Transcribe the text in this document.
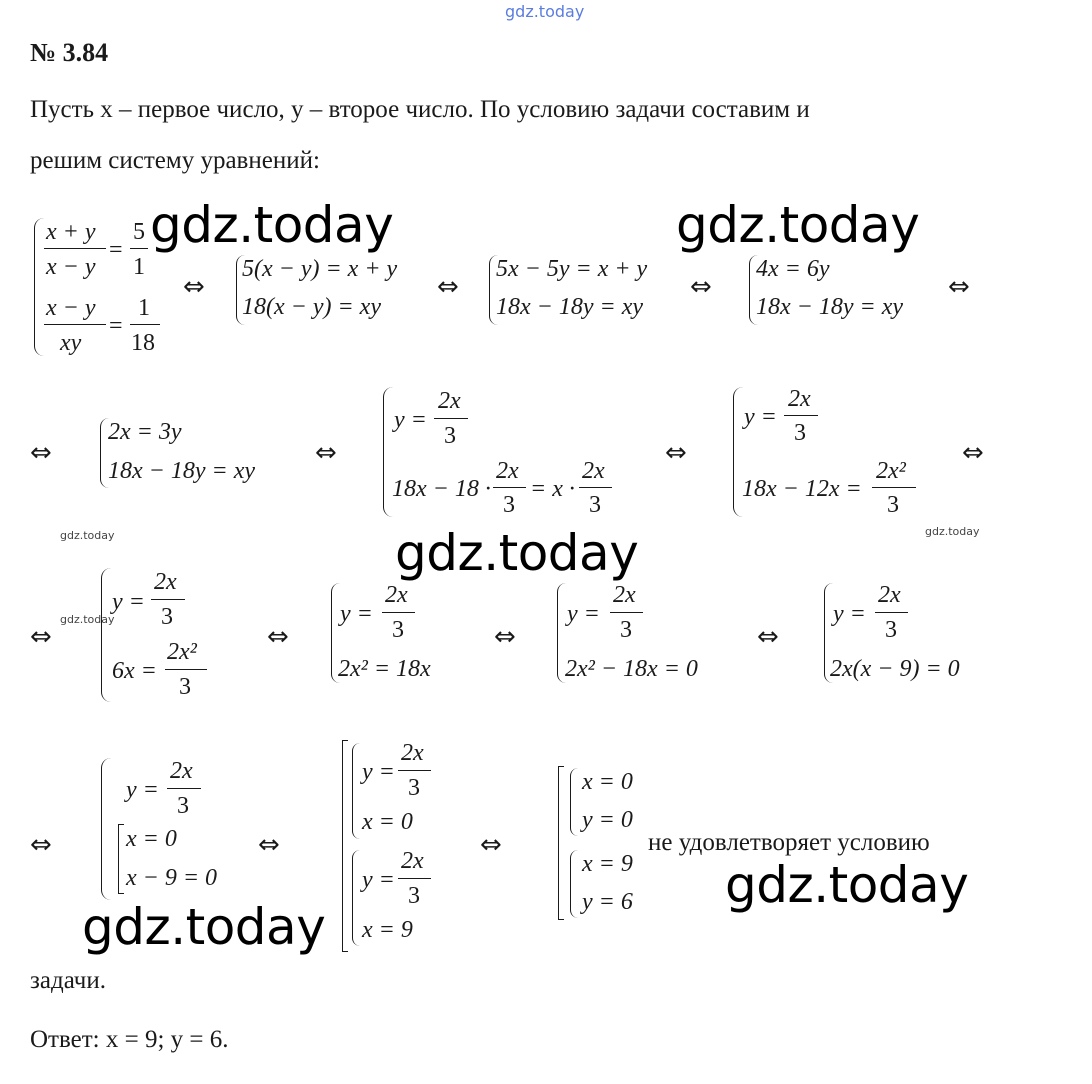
gdz.today
№ 3.84
Пусть x – первое число, y – второе число. По условию задачи составим и
решим систему уравнений:
x + y
x − y
=
5
1
x − y
xy
=
1
18
⇔
5(x − y) = x + y
18(x − y) = xy
⇔
5x − 5y = x + y
18x − 18y = xy
⇔
4x = 6y
18x − 18y = xy
⇔
⇔
2x = 3y
18x − 18y = xy
⇔
y =
2x
3
18x − 18 ·
2x
3
= x ·
2x
3
⇔
y =
2x
3
18x − 12x =
2x²
3
⇔
gdz.today	gdz.today
gdz.today
⇔
y =
2x
3
6x =
2x²
3
⇔
y =
2x
3
2x² = 18x
⇔
y =
2x
3
2x² − 18x = 0
⇔
y =
2x
3
2x(x − 9) = 0
⇔
y =
2x
3
x = 0
x − 9 = 0
⇔
y =
2x
3
x = 0
y =
2x
3
x = 9
⇔
x = 0
y = 0
x = 9
y = 6
не удовлетворяет условию
задачи.
Ответ: x = 9; y = 6.
gdz.today	gdz.today
gdz.today
gdz.today
gdz.today
